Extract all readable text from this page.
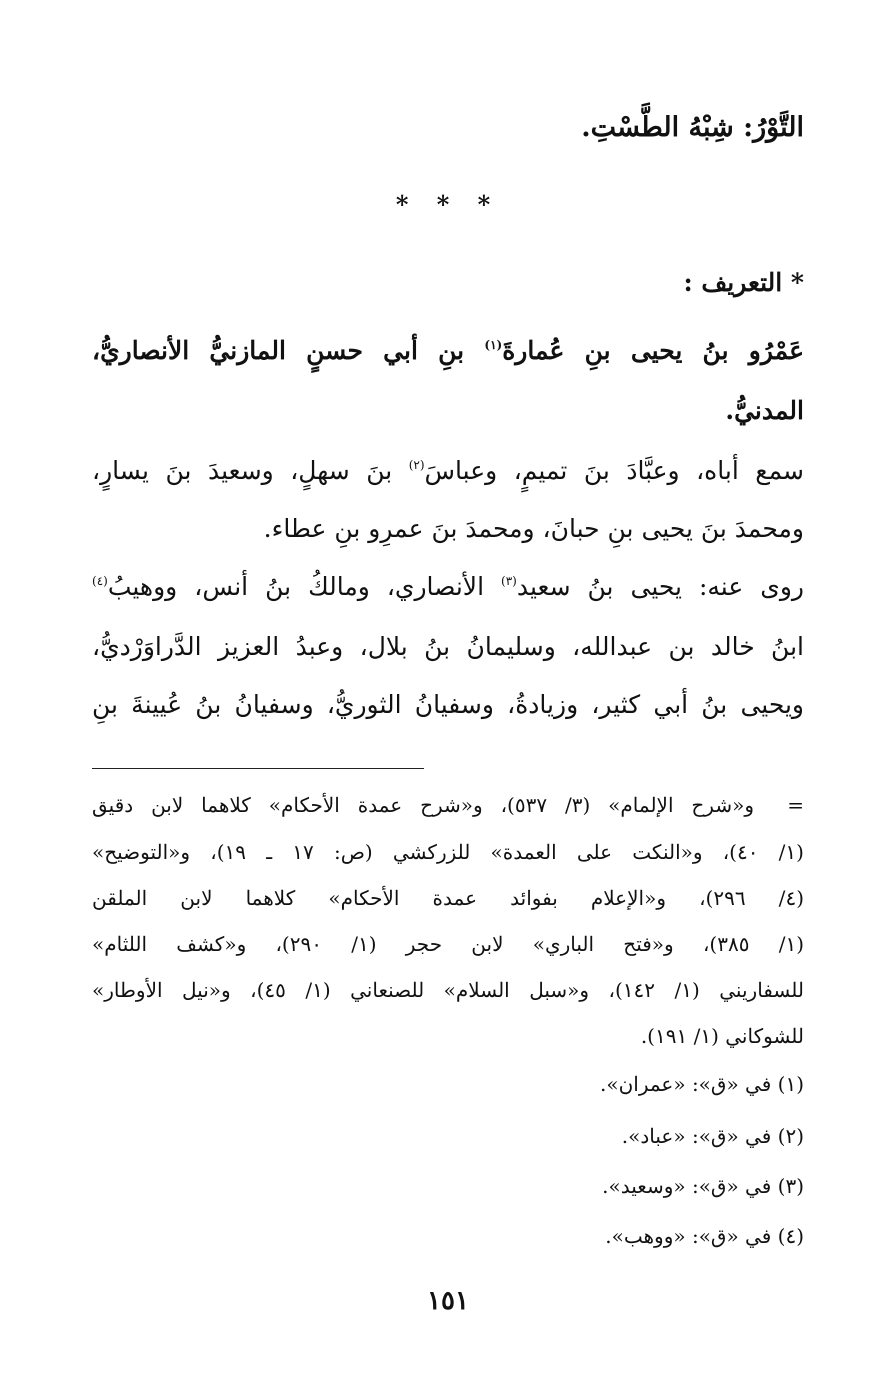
التَّوْرُ: شِبْهُ الطَّسْتِ.
* * *
* التعريف :
عَمْرُو بنُ يحيى بنِ عُمارةَ$^{(١)}$ بنِ أبي حسنٍ المازنيُّ الأنصاريُّ،
المدنيُّ.
سمع أباه، وعبَّادَ بنَ تميمٍ، وعباسَ$^{(٢)}$ بنَ سهلٍ، وسعيدَ بنَ يسارٍ،
ومحمدَ بنَ يحيى بنِ حبانَ، ومحمدَ بنَ عمرِو بنِ عطاء.
روى عنه: يحيى بنُ سعيد$^{(٣)}$ الأنصاري، ومالكُ بنُ أنس، ووهيبُ$^{(٤)}$
ابنُ خالد بن عبدالله، وسليمانُ بنُ بلال، وعبدُ العزيز الدَّراوَرْديُّ،
ويحيى بنُ أبي كثير، وزيادةُ، وسفيانُ الثوريُّ، وسفيانُ بنُ عُيينةَ بنِ
=
و«شرح الإلمام» (٣/ ٥٣٧)، و«شرح عمدة الأحكام» كلاهما لابن دقيق
(١/ ٤٠)، و«النكت على العمدة» للزركشي (ص: ١٧ ـ ١٩)، و«التوضيح»
(٤/ ٢٩٦)، و«الإعلام بفوائد عمدة الأحكام» كلاهما لابن الملقن
(١/ ٣٨٥)، و«فتح الباري» لابن حجر (١/ ٢٩٠)، و«كشف اللثام»
للسفاريني (١/ ١٤٢)، و«سبل السلام» للصنعاني (١/ ٤٥)، و«نيل الأوطار»
للشوكاني (١/ ١٩١).
(١) في «ق»: «عمران».
(٢) في «ق»: «عباد».
(٣) في «ق»: «وسعيد».
(٤) في «ق»: «ووهب».
١٥١
